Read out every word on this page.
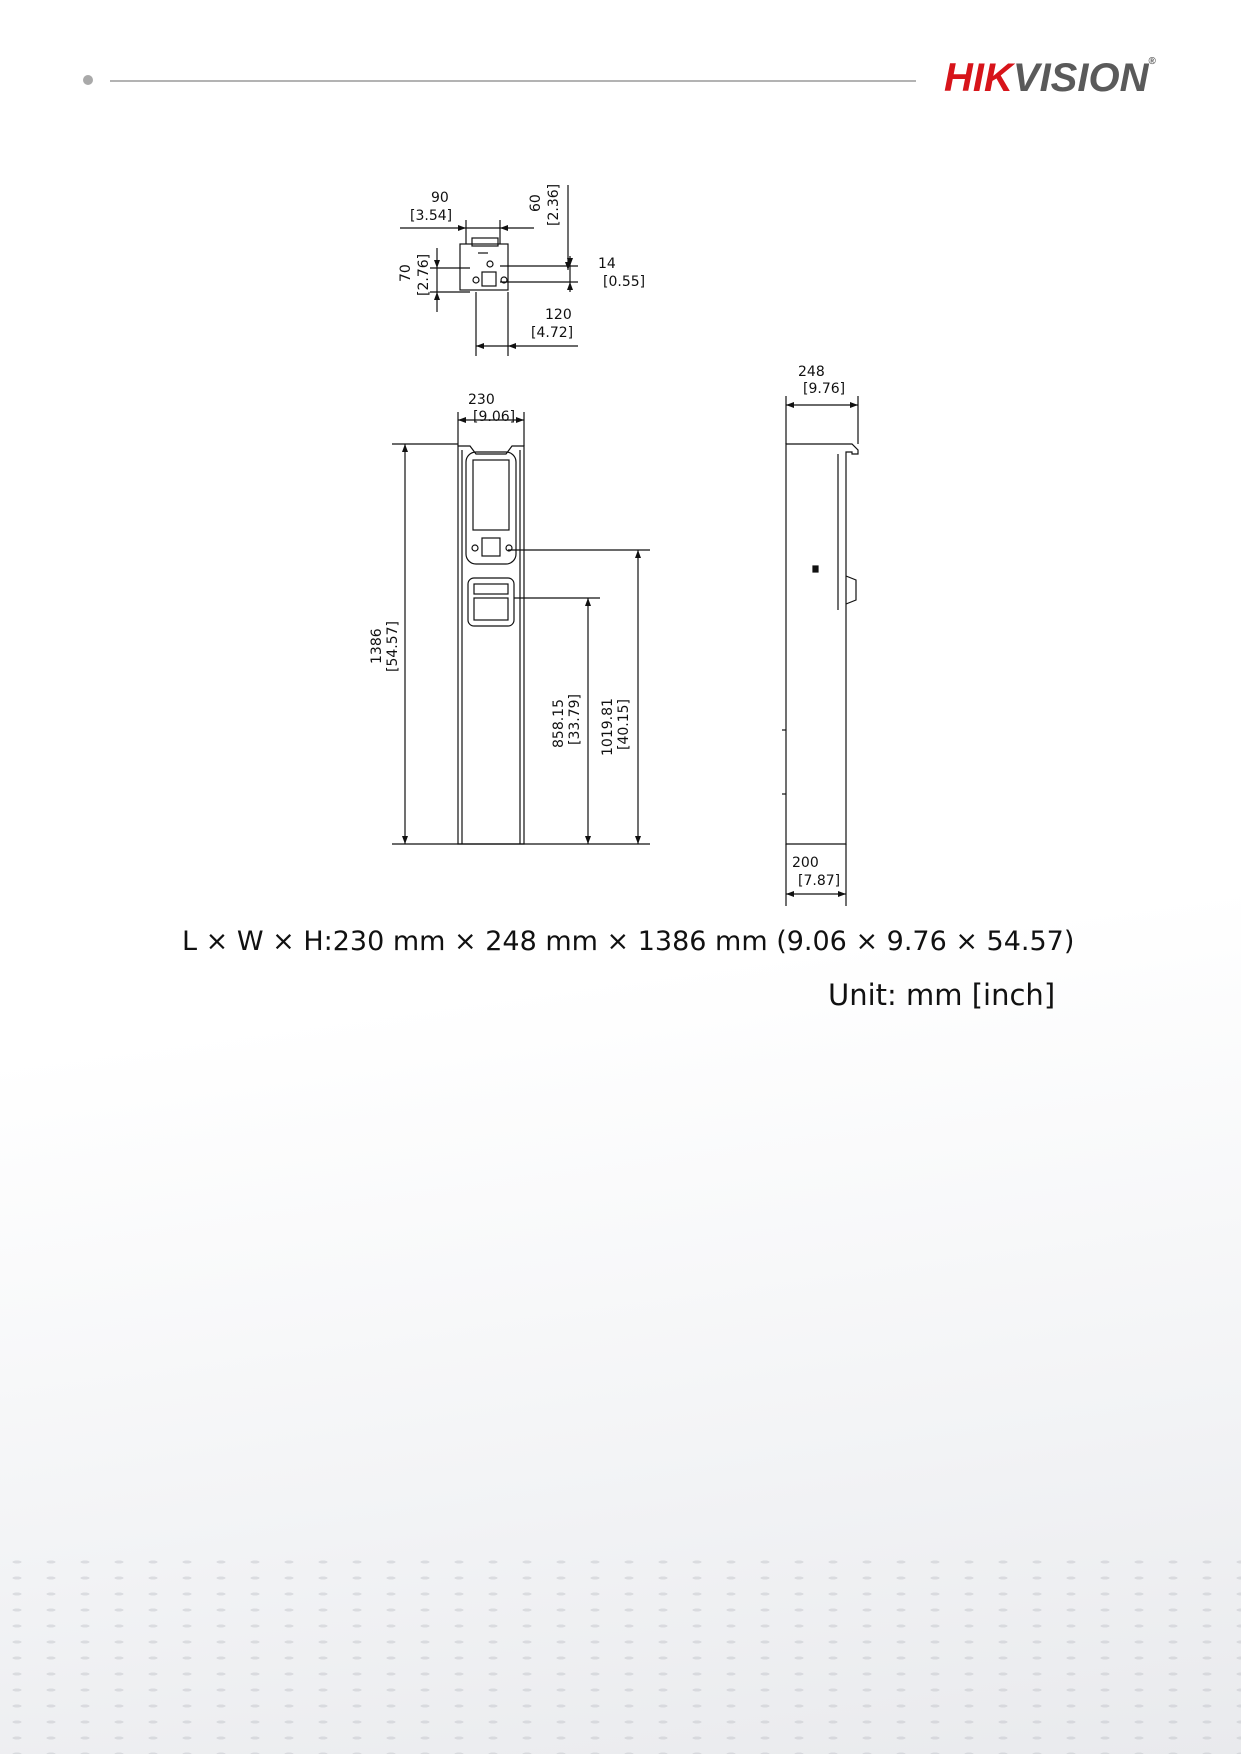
HIKVISION®
90
[3.54]
60 [2.36]
70 [2.76]	14
[0.55]
120
[4.72]
230
[9.06]
1386 [54.57]
858.15 [33.79] 1019.81 [40.15]
248
[9.76]
200
[7.87]
L × W × H:230 mm × 248 mm × 1386 mm (9.06 × 9.76 × 54.57)
Unit: mm [inch]
